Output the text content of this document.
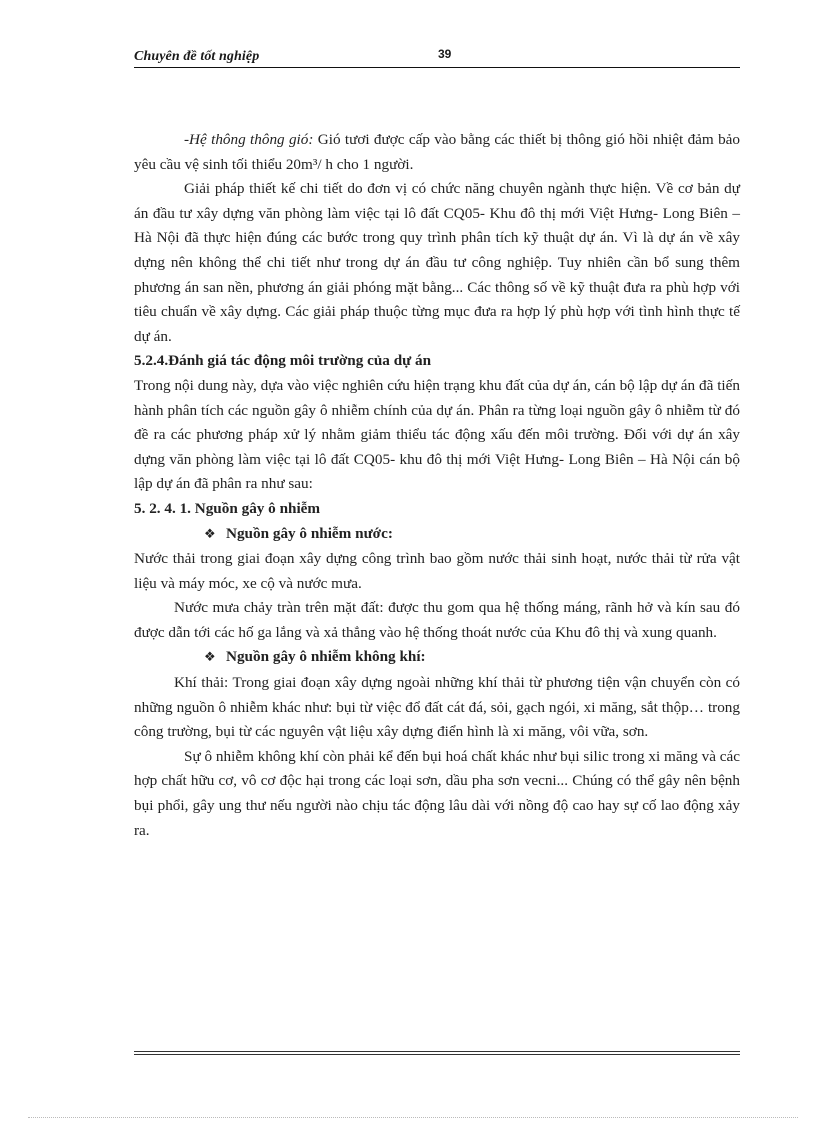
Chuyên đề tốt nghiệp	39

-Hệ thông thông gió: Gió tươi được cấp vào bằng các thiết bị thông gió hồi nhiệt đảm bảo yêu cầu vệ sinh tối thiểu 20m³/ h cho 1 người.

Giải pháp thiết kế chi tiết do đơn vị có chức năng chuyên ngành thực hiện. Về cơ bản dự án đầu tư xây dựng văn phòng làm việc tại lô đất CQ05- Khu đô thị mới Việt Hưng- Long Biên – Hà Nội đã thực hiện đúng các bước trong quy trình phân tích kỹ thuật dự án. Vì là dự án về xây dựng nên không thể chi tiết như trong dự án đầu tư công nghiệp. Tuy nhiên cần bổ sung thêm phương án san nền, phương án giải phóng mặt bằng... Các thông số về kỹ thuật đưa ra phù hợp với tiêu chuẩn về xây dựng. Các giải pháp thuộc từng mục đưa ra hợp lý phù hợp với tình hình thực tế dự án.

5.2.4.Đánh giá tác động môi trường của dự án

Trong nội dung này, dựa vào việc nghiên cứu hiện trạng khu đất của dự án, cán bộ lập dự án đã tiến hành phân tích các nguồn gây ô nhiễm chính của dự án. Phân ra từng loại nguồn gây ô nhiễm từ đó đề ra các phương pháp xử lý nhằm giảm thiểu tác động xấu đến môi trường. Đối với dự án xây dựng văn phòng làm việc tại lô đất CQ05- khu đô thị mới Việt Hưng- Long Biên – Hà Nội cán bộ lập dự án đã phân ra như sau:

5. 2. 4. 1. Nguồn gây ô nhiễm

❖ Nguồn gây ô nhiễm nước:

Nước thải trong giai đoạn xây dựng công trình bao gồm nước thải sinh hoạt, nước thải từ rửa vật liệu và máy móc, xe cộ và nước mưa.

Nước mưa chảy tràn trên mặt đất: được thu gom qua hệ thống máng, rãnh hở và kín sau đó được dẫn tới các hố ga lắng và xả thẳng vào hệ thống thoát nước của Khu đô thị và xung quanh.

❖ Nguồn gây ô nhiễm không khí:

Khí thải: Trong giai đoạn xây dựng ngoài những khí thải từ phương tiện vận chuyển còn có những nguồn ô nhiễm khác như: bụi từ việc đổ đất cát đá, sỏi, gạch ngói, xi măng, sắt thộp… trong công trường, bụi từ các nguyên vật liệu xây dựng điển hình là xi măng, vôi vữa, sơn.

Sự ô nhiễm không khí còn phải kể đến bụi hoá chất khác như bụi silic trong xi măng và các hợp chất hữu cơ, vô cơ độc hại trong các loại sơn, dầu pha sơn vecni... Chúng có thể gây nên bệnh bụi phổi, gây ung thư nếu người nào chịu tác động lâu dài với nồng độ cao hay sự cố lao động xảy ra.
